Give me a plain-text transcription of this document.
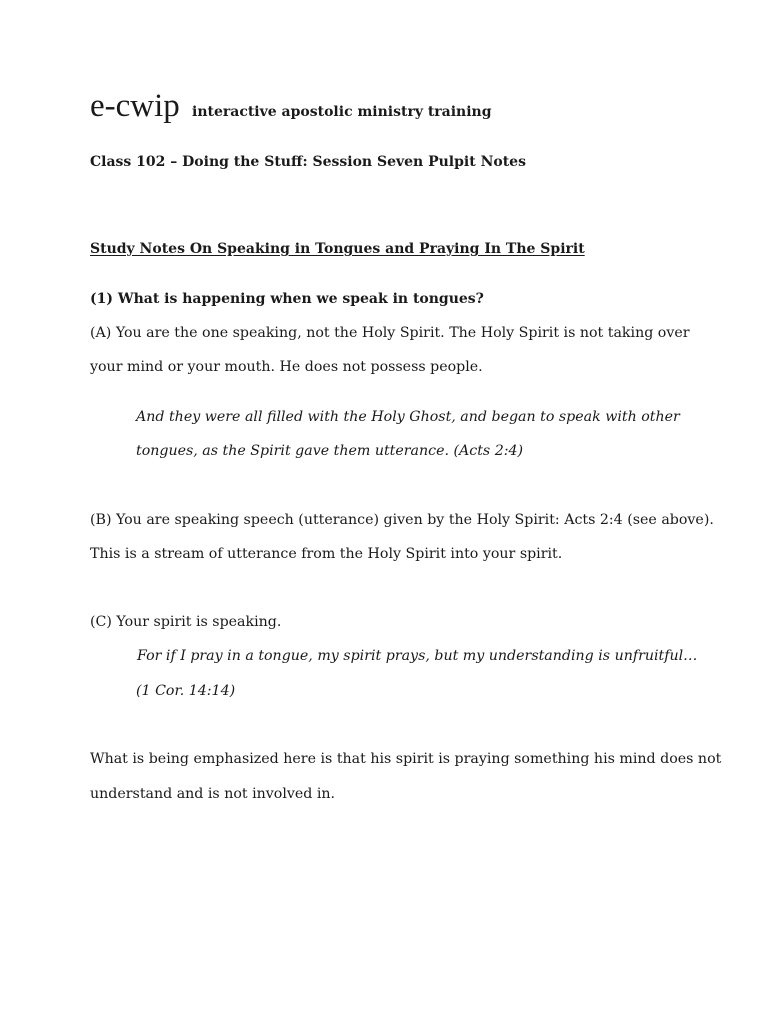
e-cwip interactive apostolic ministry training
Class 102 – Doing the Stuff: Session Seven Pulpit Notes
Study Notes On Speaking in Tongues and Praying In The Spirit
(1) What is happening when we speak in tongues?
(A) You are the one speaking, not the Holy Spirit. The Holy Spirit is not taking over
your mind or your mouth. He does not possess people.
And they were all filled with the Holy Ghost, and began to speak with other
tongues, as the Spirit gave them utterance. (Acts 2:4)
(B) You are speaking speech (utterance) given by the Holy Spirit: Acts 2:4 (see above).
This is a stream of utterance from the Holy Spirit into your spirit.
(C) Your spirit is speaking.
For if I pray in a tongue, my spirit prays, but my understanding is unfruitful…
(1 Cor. 14:14)
What is being emphasized here is that his spirit is praying something his mind does not
understand and is not involved in.
